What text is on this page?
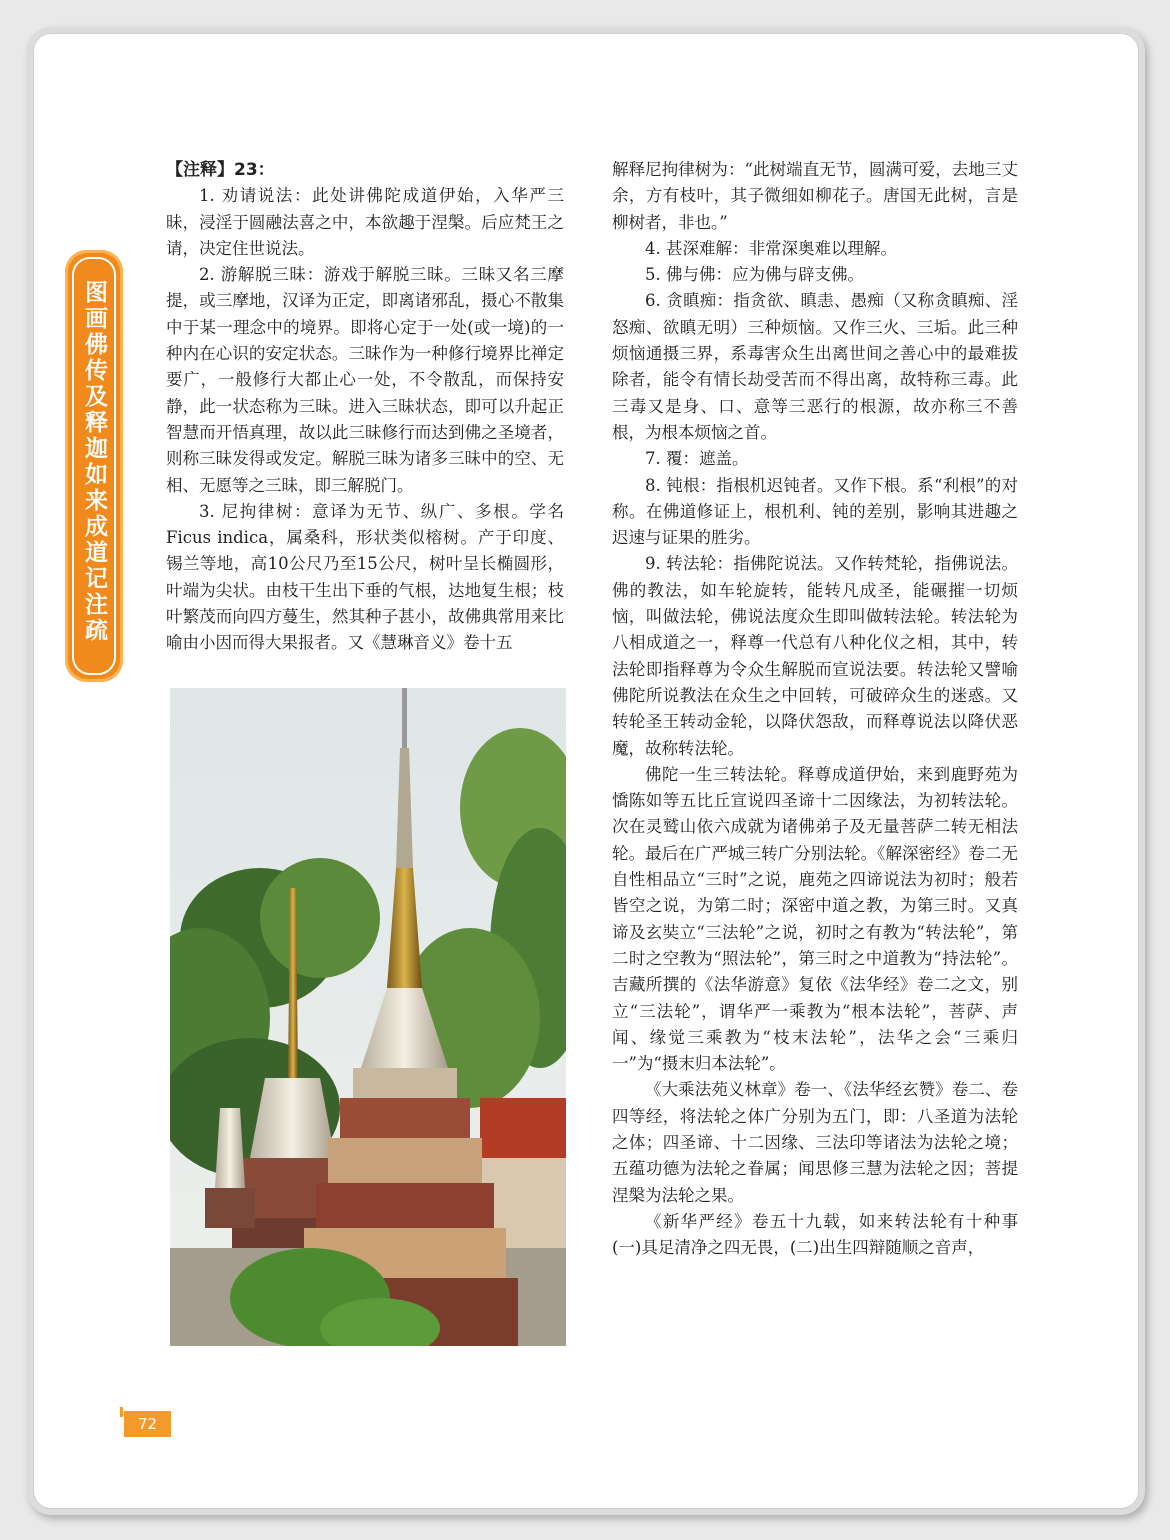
图画佛传及释迦如来成道记注疏

【注释】23：

1. 劝请说法：此处讲佛陀成道伊始，入华严三昧，浸淫于圆融法喜之中，本欲趣于涅槃。后应梵王之请，决定住世说法。

2. 游解脱三昧：游戏于解脱三昧。三昧又名三摩提，或三摩地，汉译为正定，即离诸邪乱，摄心不散集中于某一理念中的境界。即将心定于一处(或一境)的一种内在心识的安定状态。三昧作为一种修行境界比禅定要广，一般修行大都止心一处，不令散乱，而保持安静，此一状态称为三昧。进入三昧状态，即可以升起正智慧而开悟真理，故以此三昧修行而达到佛之圣境者，则称三昧发得或发定。解脱三昧为诸多三昧中的空、无相、无愿等之三昧，即三解脱门。

3. 尼拘律树：意译为无节、纵广、多根。学名Ficus indica，属桑科，形状类似榕树。产于印度、锡兰等地，高10公尺乃至15公尺，树叶呈长椭圆形，叶端为尖状。由枝干生出下垂的气根，达地复生根；枝叶繁茂而向四方蔓生，然其种子甚小，故佛典常用来比喻由小因而得大果报者。又《慧琳音义》卷十五

解释尼拘律树为：“此树端直无节，圆满可爱，去地三丈余，方有枝叶，其子微细如柳花子。唐国无此树，言是柳树者，非也。”

4. 甚深难解：非常深奥难以理解。

5. 佛与佛：应为佛与辟支佛。

6. 贪瞋痴：指贪欲、瞋恚、愚痴（又称贪瞋痴、淫怒痴、欲瞋无明）三种烦恼。又作三火、三垢。此三种烦恼通摄三界，系毒害众生出离世间之善心中的最难拔除者，能令有情长劫受苦而不得出离，故特称三毒。此三毒又是身、口、意等三恶行的根源，故亦称三不善根，为根本烦恼之首。

7. 覆：遮盖。

8. 钝根：指根机迟钝者。又作下根。系“利根”的对称。在佛道修证上，根机利、钝的差别，影响其进趣之迟速与证果的胜劣。

9. 转法轮：指佛陀说法。又作转梵轮，指佛说法。佛的教法，如车轮旋转，能转凡成圣，能碾摧一切烦恼，叫做法轮，佛说法度众生即叫做转法轮。转法轮为八相成道之一，释尊一代总有八种化仪之相，其中，转法轮即指释尊为令众生解脱而宣说法要。转法轮又譬喻佛陀所说教法在众生之中回转，可破碎众生的迷惑。又转轮圣王转动金轮，以降伏怨敌，而释尊说法以降伏恶魔，故称转法轮。

佛陀一生三转法轮。释尊成道伊始，来到鹿野苑为憍陈如等五比丘宣说四圣谛十二因缘法，为初转法轮。次在灵鹫山依六成就为诸佛弟子及无量菩萨二转无相法轮。最后在广严城三转广分别法轮。《解深密经》卷二无自性相品立“三时”之说，鹿苑之四谛说法为初时；般若皆空之说，为第二时；深密中道之教，为第三时。又真谛及玄奘立“三法轮”之说，初时之有教为“转法轮”，第二时之空教为“照法轮”，第三时之中道教为“持法轮”。吉藏所撰的《法华游意》复依《法华经》卷二之文，别立“三法轮”，谓华严一乘教为“根本法轮”，菩萨、声闻、缘觉三乘教为“枝末法轮”，法华之会“三乘归一”为“摄末归本法轮”。

《大乘法苑义林章》卷一、《法华经玄赞》卷二、卷四等经，将法轮之体广分别为五门，即：八圣道为法轮之体；四圣谛、十二因缘、三法印等诸法为法轮之境；五蕴功德为法轮之眷属；闻思修三慧为法轮之因；菩提涅槃为法轮之果。

《新华严经》卷五十九载，如来转法轮有十种事(一)具足清净之四无畏，(二)出生四辩随顺之音声，

72
